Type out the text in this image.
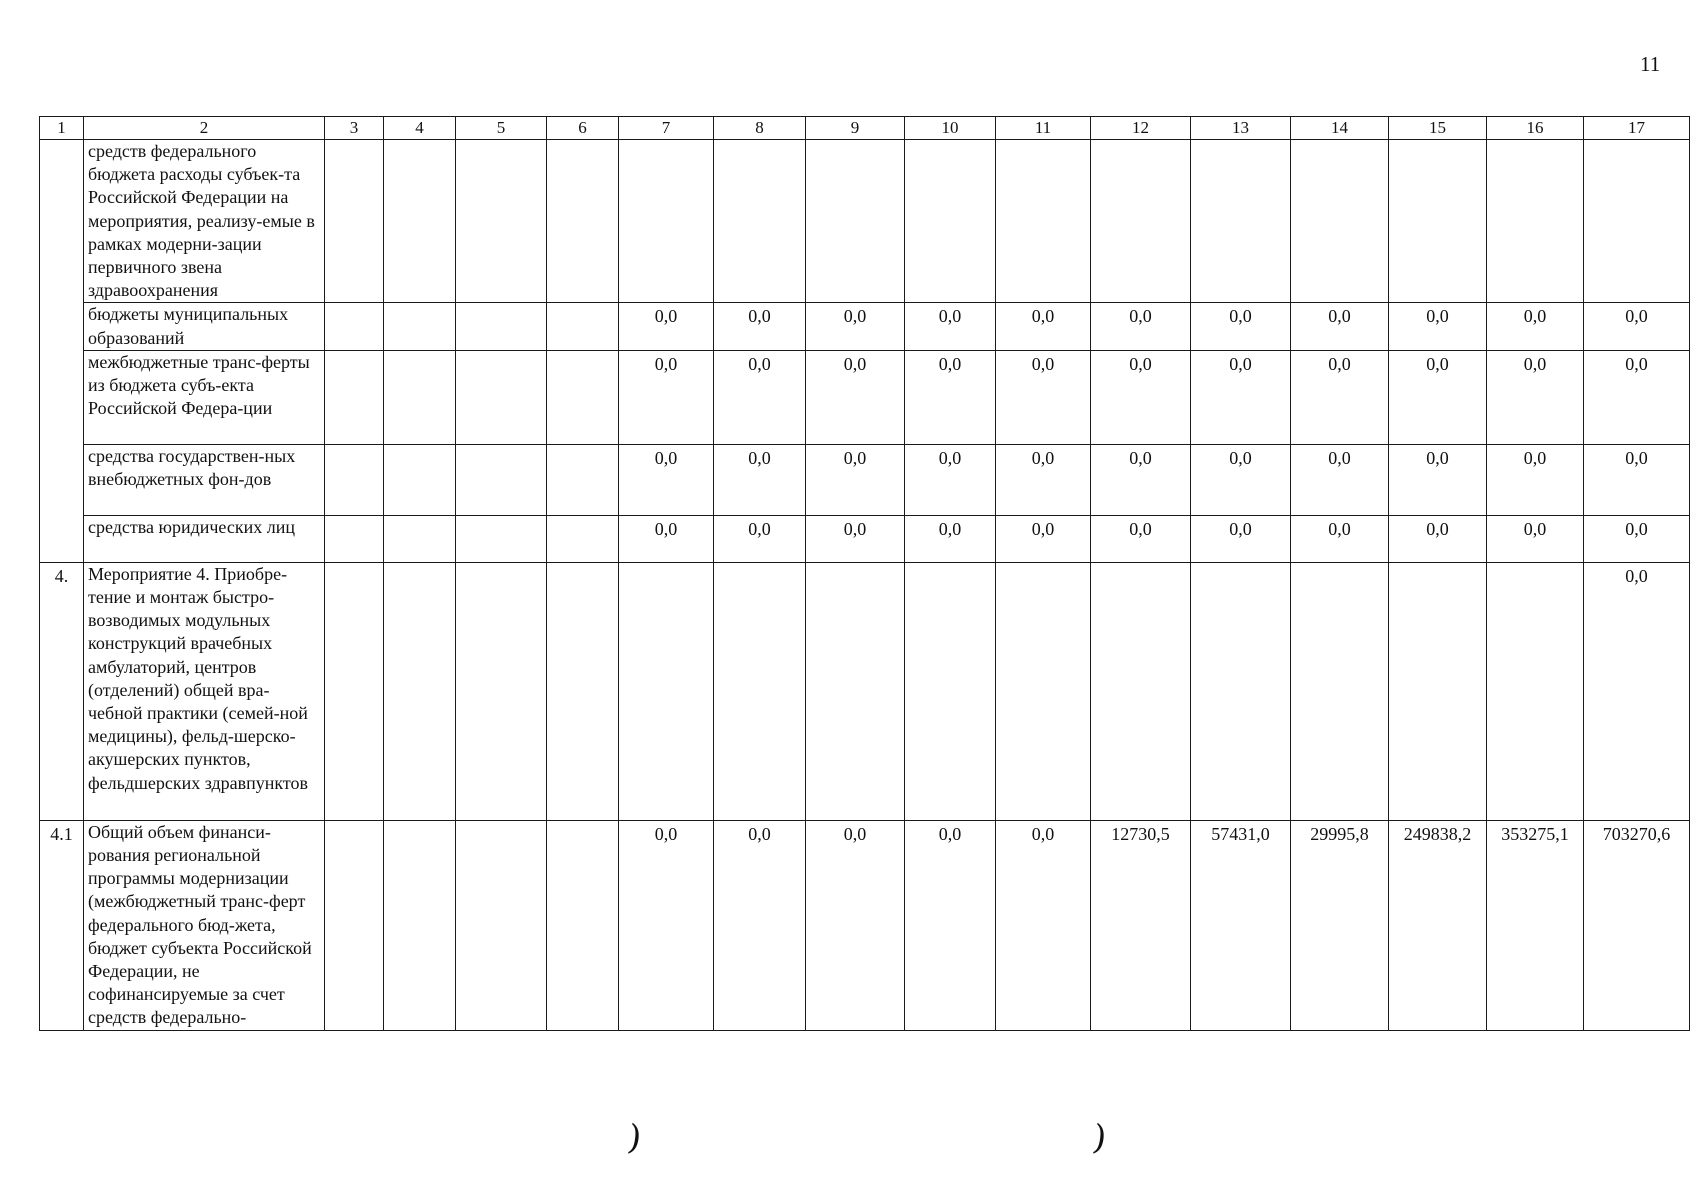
11
1	2	3	4	5	6	7	8	9	10	11	12	13	14	15	16	17
	средств федерального бюджета расходы субъек-та Российской Федерации на мероприятия, реализу-емые в рамках модерни-зации первичного звена здравоохранения															
	бюджеты муниципальных образований					0,0	0,0	0,0	0,0	0,0	0,0	0,0	0,0	0,0	0,0	0,0
	межбюджетные транс-ферты из бюджета субъ-екта Российской Федера-ции					0,0	0,0	0,0	0,0	0,0	0,0	0,0	0,0	0,0	0,0	0,0
	средства государствен-ных внебюджетных фон-дов					0,0	0,0	0,0	0,0	0,0	0,0	0,0	0,0	0,0	0,0	0,0
	средства юридических лиц					0,0	0,0	0,0	0,0	0,0	0,0	0,0	0,0	0,0	0,0	0,0
4.	Мероприятие 4. Приобре-тение и монтаж быстро-возводимых модульных конструкций врачебных амбулаторий, центров (отделений) общей вра-чебной практики (семей-ной медицины), фельд-шерско-акушерских пунктов, фельдшерских здравпунктов															0,0
4.1	Общий объем финанси-рования региональной программы модернизации (межбюджетный транс-ферт федерального бюд-жета, бюджет субъекта Российской Федерации, не софинансируемые за счет средств федерально-					0,0	0,0	0,0	0,0	0,0	12730,5	57431,0	29995,8	249838,2	353275,1	703270,6
)	)
